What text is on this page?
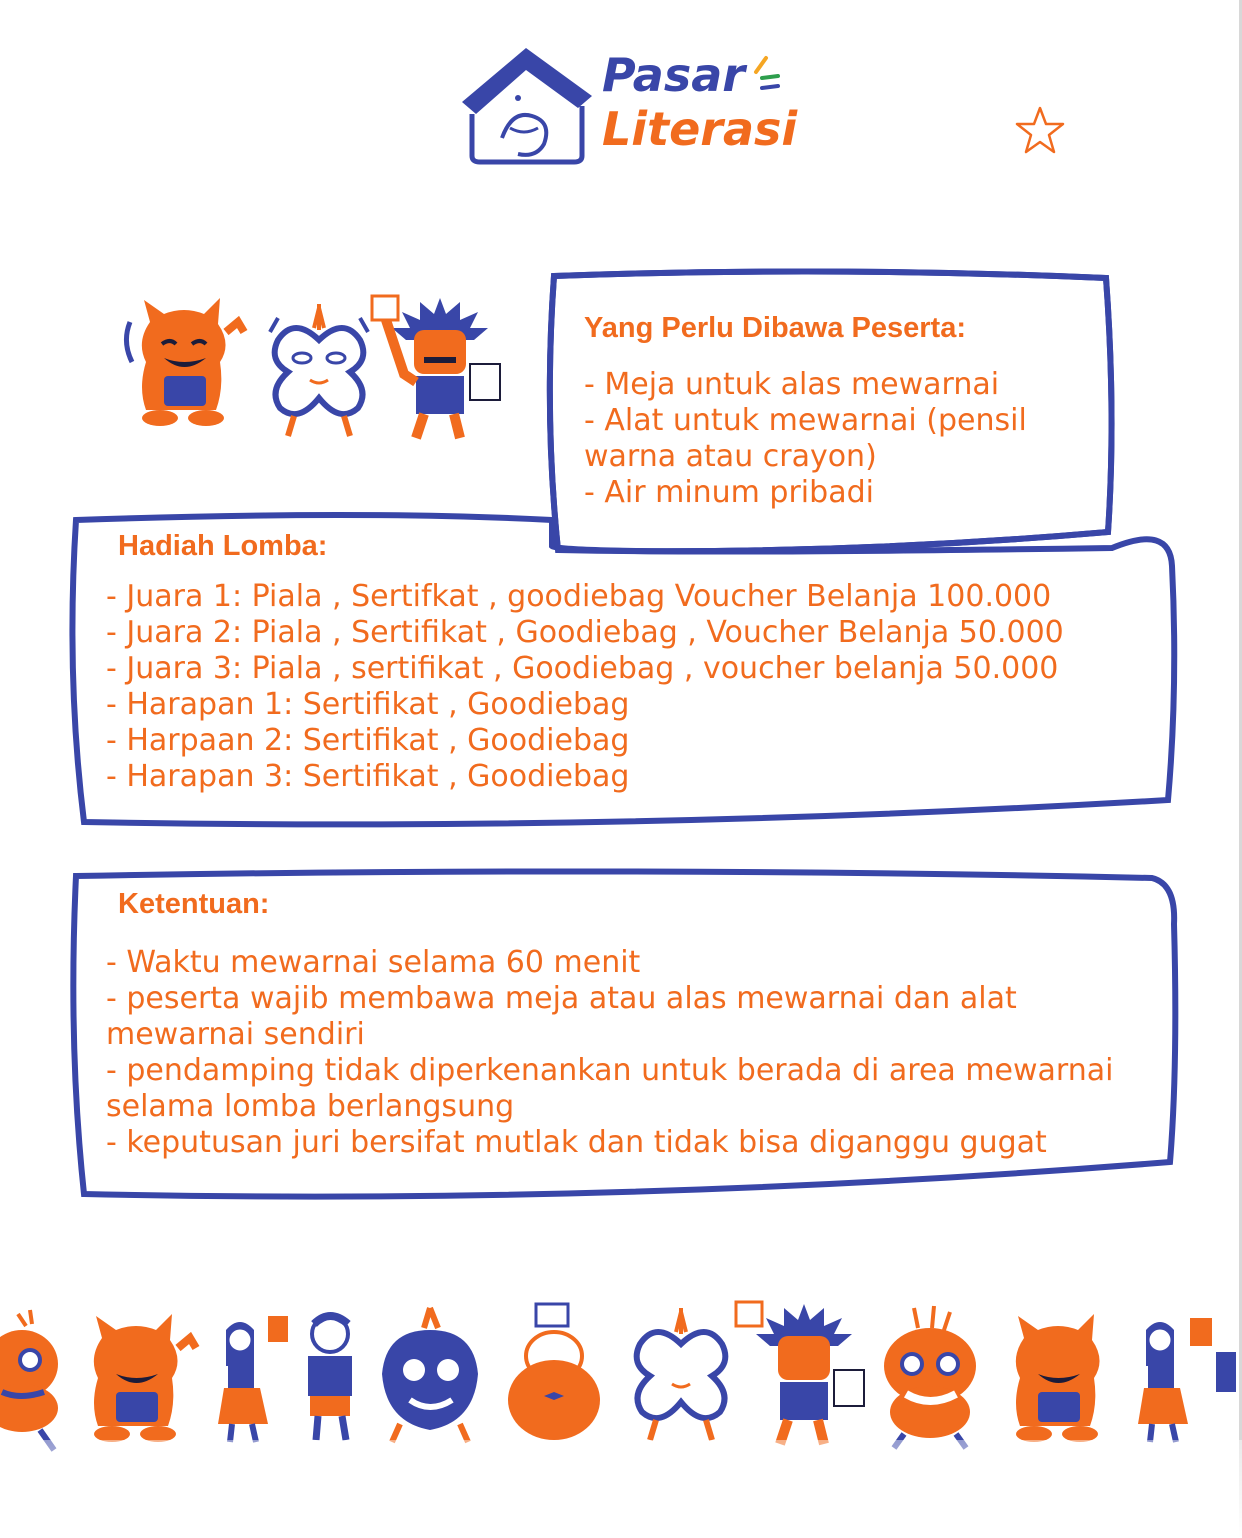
Pasar
Literasi
Yang Perlu Dibawa Peserta:
- Meja untuk alas mewarnai
- Alat untuk mewarnai (pensil warna atau crayon)
- Air minum pribadi
Hadiah Lomba:
- Juara 1: Piala , Sertifkat , goodiebag Voucher Belanja 100.000
- Juara 2: Piala , Sertifikat , Goodiebag , Voucher Belanja 50.000
- Juara 3: Piala , sertifikat , Goodiebag , voucher belanja 50.000
- Harapan 1: Sertifikat , Goodiebag
- Harpaan 2: Sertifikat , Goodiebag
- Harapan 3: Sertifikat , Goodiebag
Ketentuan:
- Waktu mewarnai selama 60 menit
- peserta wajib membawa meja atau alas mewarnai dan alat mewarnai sendiri
- pendamping tidak diperkenankan untuk berada di area mewarnai selama lomba berlangsung
- keputusan juri bersifat mutlak dan tidak bisa diganggu gugat
